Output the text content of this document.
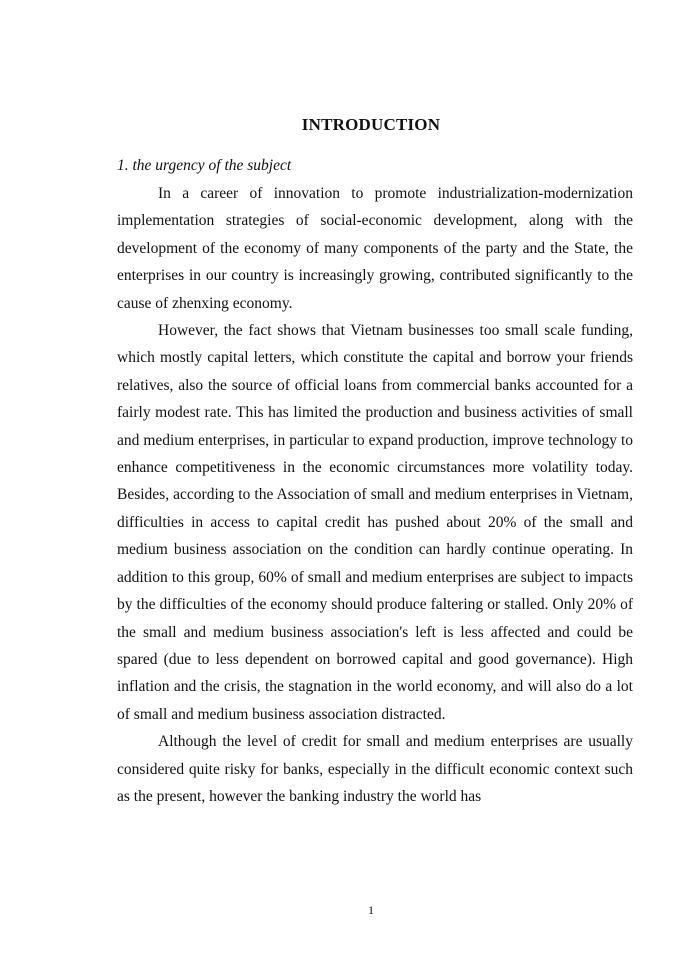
INTRODUCTION

1. the urgency of the subject

In a career of innovation to promote industrialization-modernization implementation strategies of social-economic development, along with the development of the economy of many components of the party and the State, the enterprises in our country is increasingly growing, contributed significantly to the cause of zhenxing economy.

However, the fact shows that Vietnam businesses too small scale funding, which mostly capital letters, which constitute the capital and borrow your friends relatives, also the source of official loans from commercial banks accounted for a fairly modest rate. This has limited the production and business activities of small and medium enterprises, in particular to expand production, improve technology to enhance competitiveness in the economic circumstances more volatility today. Besides, according to the Association of small and medium enterprises in Vietnam, difficulties in access to capital credit has pushed about 20% of the small and medium business association on the condition can hardly continue operating. In addition to this group, 60% of small and medium enterprises are subject to impacts by the difficulties of the economy should produce faltering or stalled. Only 20% of the small and medium business association's left is less affected and could be spared (due to less dependent on borrowed capital and good governance). High inflation and the crisis, the stagnation in the world economy, and will also do a lot of small and medium business association distracted.

Although the level of credit for small and medium enterprises are usually considered quite risky for banks, especially in the difficult economic context such as the present, however the banking industry the world has

1
